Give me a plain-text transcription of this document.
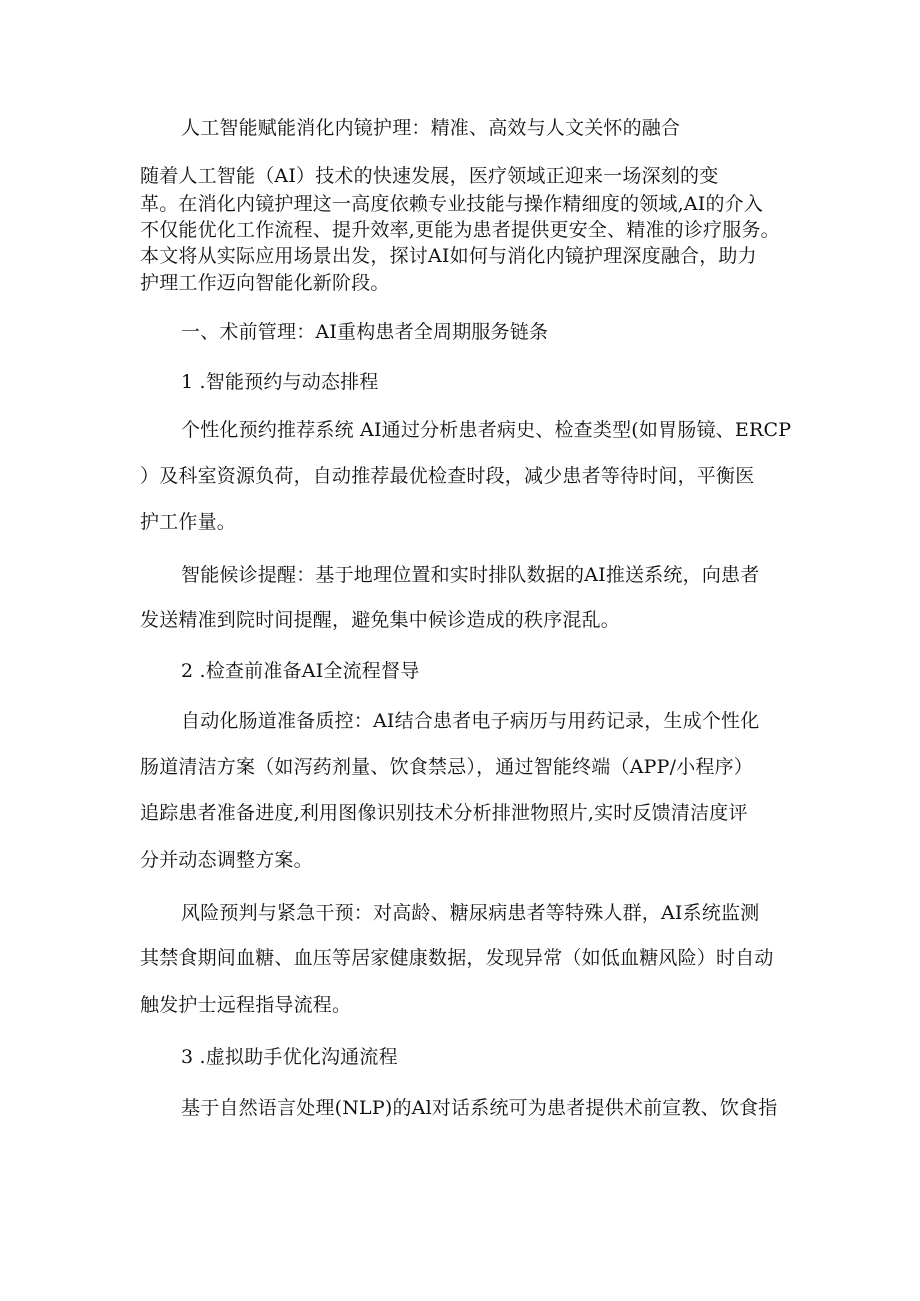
人工智能赋能消化内镜护理：精准、高效与人文关怀的融合
随着人工智能（AI）技术的快速发展，医疗领域正迎来一场深刻的变
革。在消化内镜护理这一高度依赖专业技能与操作精细度的领域,AI的介入
不仅能优化工作流程、提升效率,更能为患者提供更安全、精准的诊疗服务。
本文将从实际应用场景出发，探讨AI如何与消化内镜护理深度融合，助力
护理工作迈向智能化新阶段。
一、术前管理：AI重构患者全周期服务链条
1 .智能预约与动态排程
个性化预约推荐系统 AI通过分析患者病史、检查类型(如胃肠镜、ERCP
）及科室资源负荷，自动推荐最优检查时段，减少患者等待时间，平衡医
护工作量。
智能候诊提醒：基于地理位置和实时排队数据的AI推送系统，向患者
发送精准到院时间提醒，避免集中候诊造成的秩序混乱。
2 .检查前准备AI全流程督导
自动化肠道准备质控：AI结合患者电子病历与用药记录，生成个性化
肠道清洁方案（如泻药剂量、饮食禁忌），通过智能终端（APP/小程序）
追踪患者准备进度,利用图像识别技术分析排泄物照片,实时反馈清洁度评
分并动态调整方案。
风险预判与紧急干预：对高龄、糖尿病患者等特殊人群，AI系统监测
其禁食期间血糖、血压等居家健康数据，发现异常（如低血糖风险）时自动
触发护士远程指导流程。
3 .虚拟助手优化沟通流程
基于自然语言处理(NLP)的Al对话系统可为患者提供术前宣教、饮食指
